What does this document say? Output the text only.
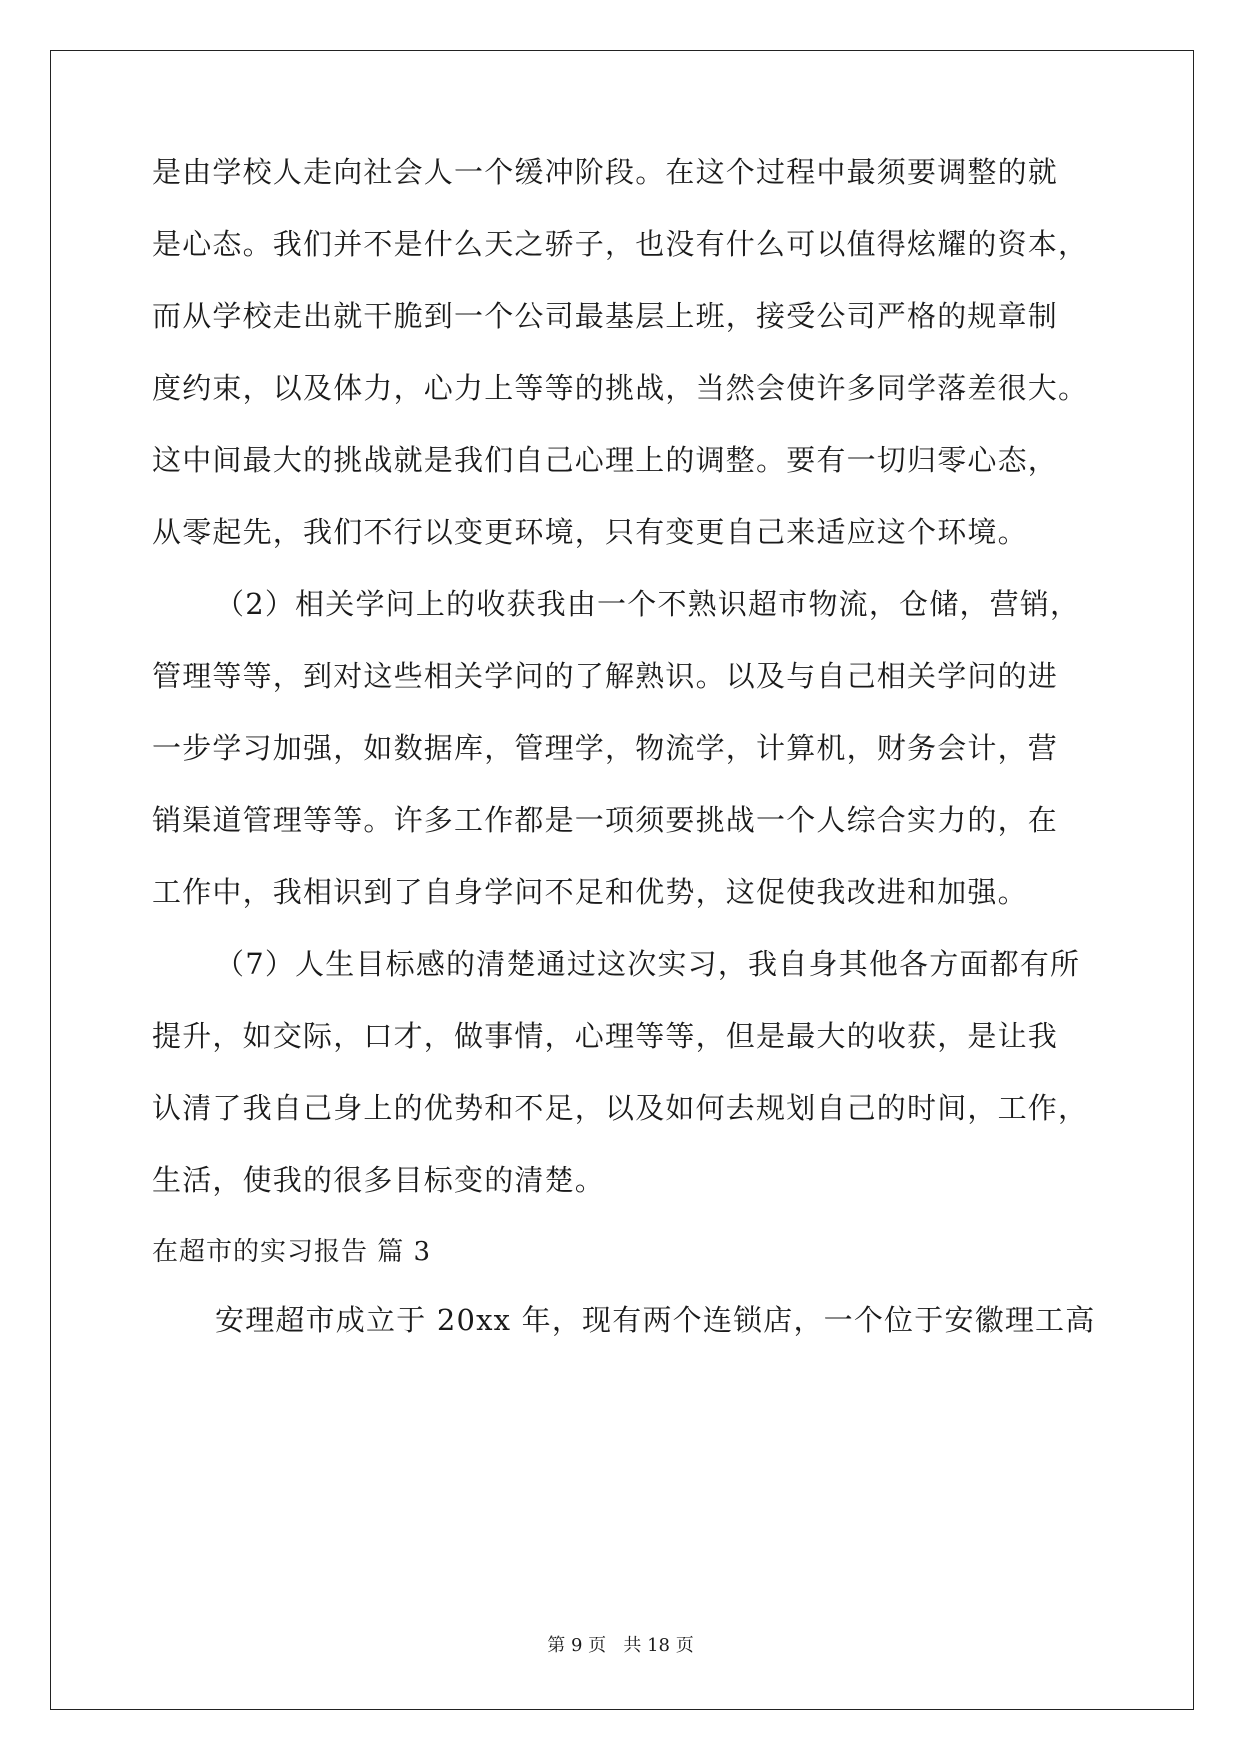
是由学校人走向社会人一个缓冲阶段。在这个过程中最须要调整的就
是心态。我们并不是什么天之骄子，也没有什么可以值得炫耀的资本，
而从学校走出就干脆到一个公司最基层上班，接受公司严格的规章制
度约束，以及体力，心力上等等的挑战，当然会使许多同学落差很大。
这中间最大的挑战就是我们自己心理上的调整。要有一切归零心态，
从零起先，我们不行以变更环境，只有变更自己来适应这个环境。
（2）相关学问上的收获我由一个不熟识超市物流，仓储，营销，
管理等等，到对这些相关学问的了解熟识。以及与自己相关学问的进
一步学习加强，如数据库，管理学，物流学，计算机，财务会计，营
销渠道管理等等。许多工作都是一项须要挑战一个人综合实力的，在
工作中，我相识到了自身学问不足和优势，这促使我改进和加强。
（7）人生目标感的清楚通过这次实习，我自身其他各方面都有所
提升，如交际，口才，做事情，心理等等，但是最大的收获，是让我
认清了我自己身上的优势和不足，以及如何去规划自己的时间，工作，
生活，使我的很多目标变的清楚。
在超市的实习报告 篇 3
安理超市成立于 20xx 年，现有两个连锁店，一个位于安徽理工高
第 9 页   共 18 页
